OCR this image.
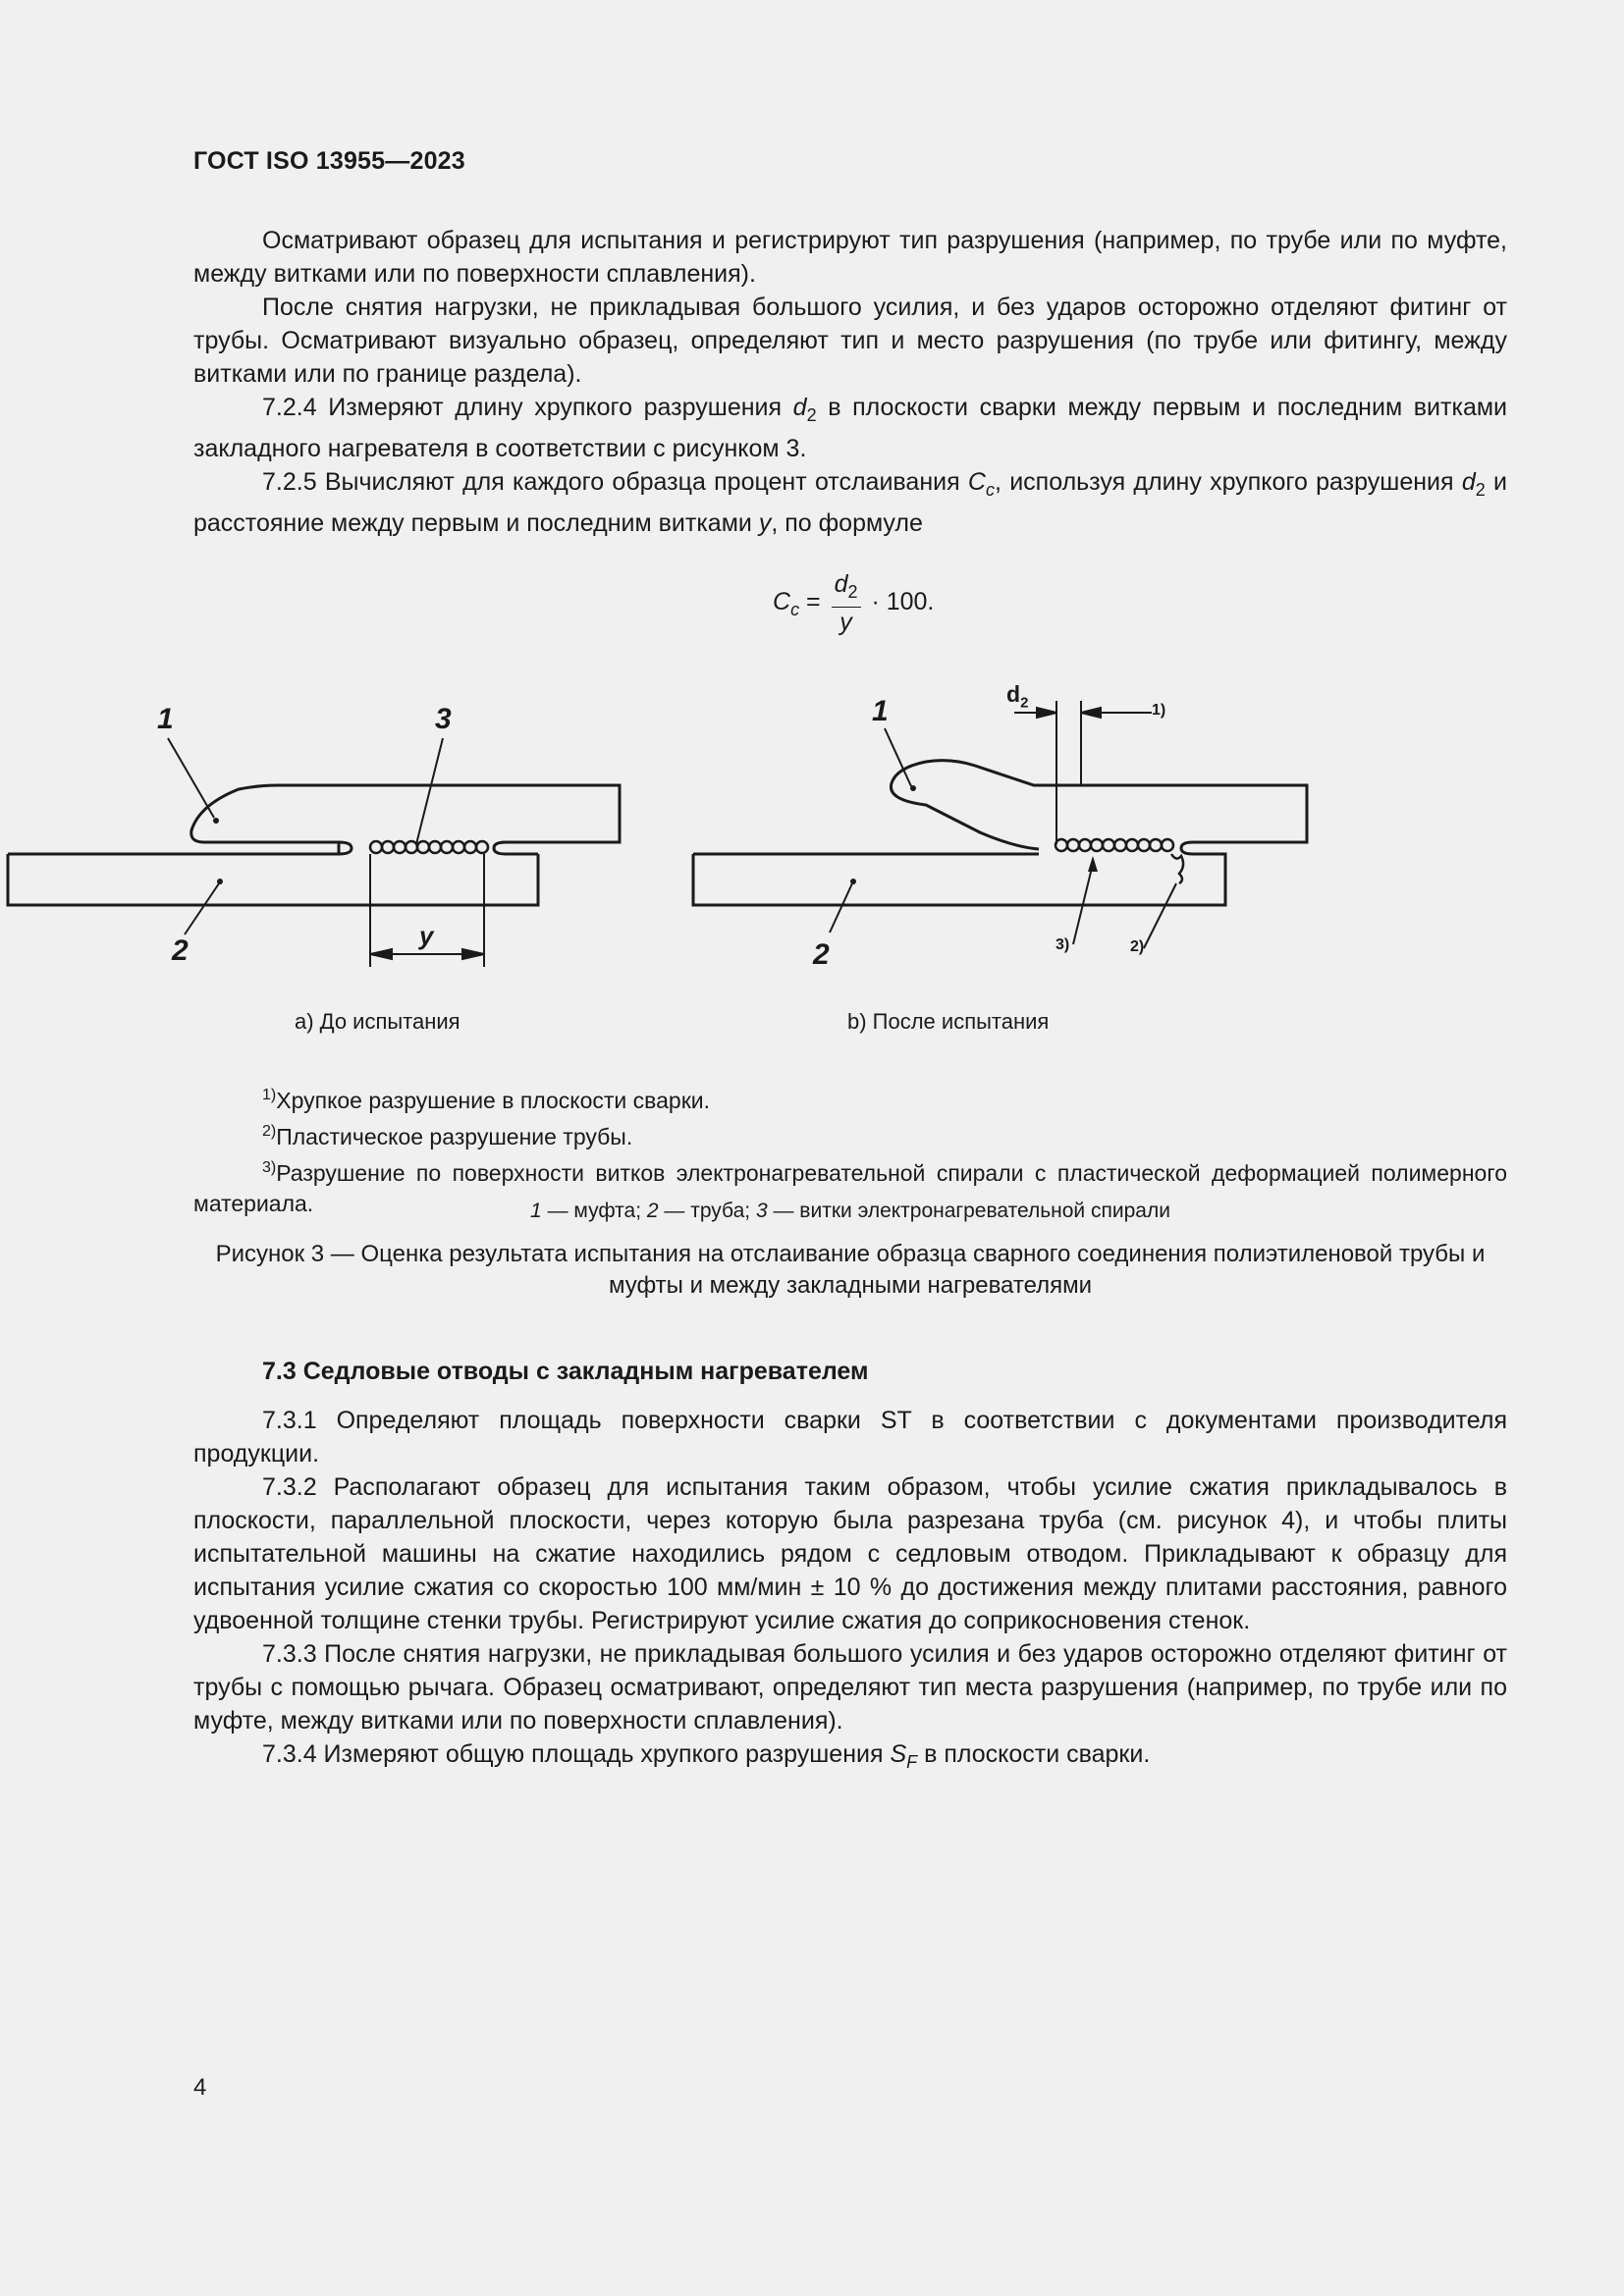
ГОСТ ISO 13955—2023

Осматривают образец для испытания и регистрируют тип разрушения (например, по трубе или по муфте, между витками или по поверхности сплавления).

После снятия нагрузки, не прикладывая большого усилия, и без ударов осторожно отделяют фитинг от трубы. Осматривают визуально образец, определяют тип и место разрушения (по трубе или фитингу, между витками или по границе раздела).

7.2.4 Измеряют длину хрупкого разрушения $d_2$ в плоскости сварки между первым и последним витками закладного нагревателя в соответствии с рисунком 3.

7.2.5 Вычисляют для каждого образца процент отслаивания $C_c$, используя длину хрупкого разрушения $d_2$ и расстояние между первым и последним витками y, по формуле

$C_c = \frac{d_2}{y} \cdot 100$.
1	3
2	y
1
2
$d_2$	1)
3)	2)
а) До испытания	b) После испытания

$^{1)}$Хрупкое разрушение в плоскости сварки.

$^{2)}$Пластическое разрушение трубы.

$^{3)}$Разрушение по поверхности витков электронагревательной спирали с пластической деформацией полимерного материала.	1 — муфта; 2 — труба; 3 — витки электронагревательной спирали
Рисунок 3 — Оценка результата испытания на отслаивание образца сварного соединения полиэтиленовой трубы и муфты и между закладными нагревателями
7.3 Седловые отводы с закладным нагревателем

7.3.1 Определяют площадь поверхности сварки ST в соответствии с документами производителя продукции.

7.3.2 Располагают образец для испытания таким образом, чтобы усилие сжатия прикладывалось в плоскости, параллельной плоскости, через которую была разрезана труба (см. рисунок 4), и чтобы плиты испытательной машины на сжатие находились рядом с седловым отводом. Прикладывают к образцу для испытания усилие сжатия со скоростью 100 мм/мин ± 10 % до достижения между плитами расстояния, равного удвоенной толщине стенки трубы. Регистрируют усилие сжатия до соприкосновения стенок.

7.3.3 После снятия нагрузки, не прикладывая большого усилия и без ударов осторожно отделяют фитинг от трубы с помощью рычага. Образец осматривают, определяют тип места разрушения (например, по трубе или по муфте, между витками или по поверхности сплавления).

7.3.4 Измеряют общую площадь хрупкого разрушения $S_F$ в плоскости сварки.

4
